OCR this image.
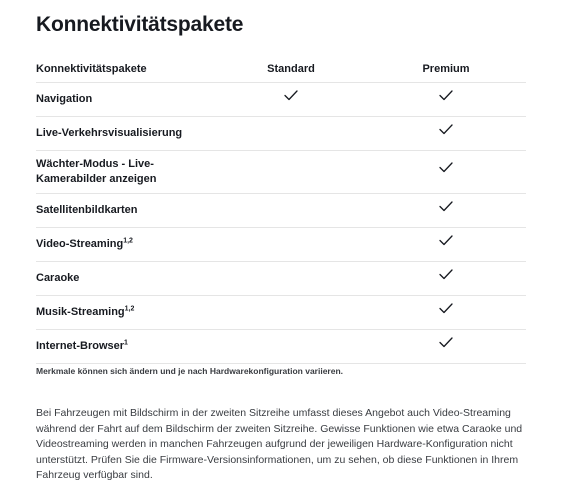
Konnektivitätspakete
Konnektivitätspakete	Standard	Premium
Navigation
Live-Verkehrsvisualisierung
Wächter-Modus - Live-Kamerabilder anzeigen
Satellitenbildkarten
Video-Streaming$^{1,2}$
Caraoke
Musik-Streaming$^{1,2}$
Internet-Browser$^1$

Merkmale können sich ändern und je nach Hardwarekonfiguration variieren.

Bei Fahrzeugen mit Bildschirm in der zweiten Sitzreihe umfasst dieses Angebot auch Video-Streaming während der Fahrt auf dem Bildschirm der zweiten Sitzreihe. Gewisse Funktionen wie etwa Caraoke und Videostreaming werden in manchen Fahrzeugen aufgrund der jeweiligen Hardware-Konfiguration nicht unterstützt. Prüfen Sie die Firmware-Versionsinformationen, um zu sehen, ob diese Funktionen in Ihrem Fahrzeug verfügbar sind.
